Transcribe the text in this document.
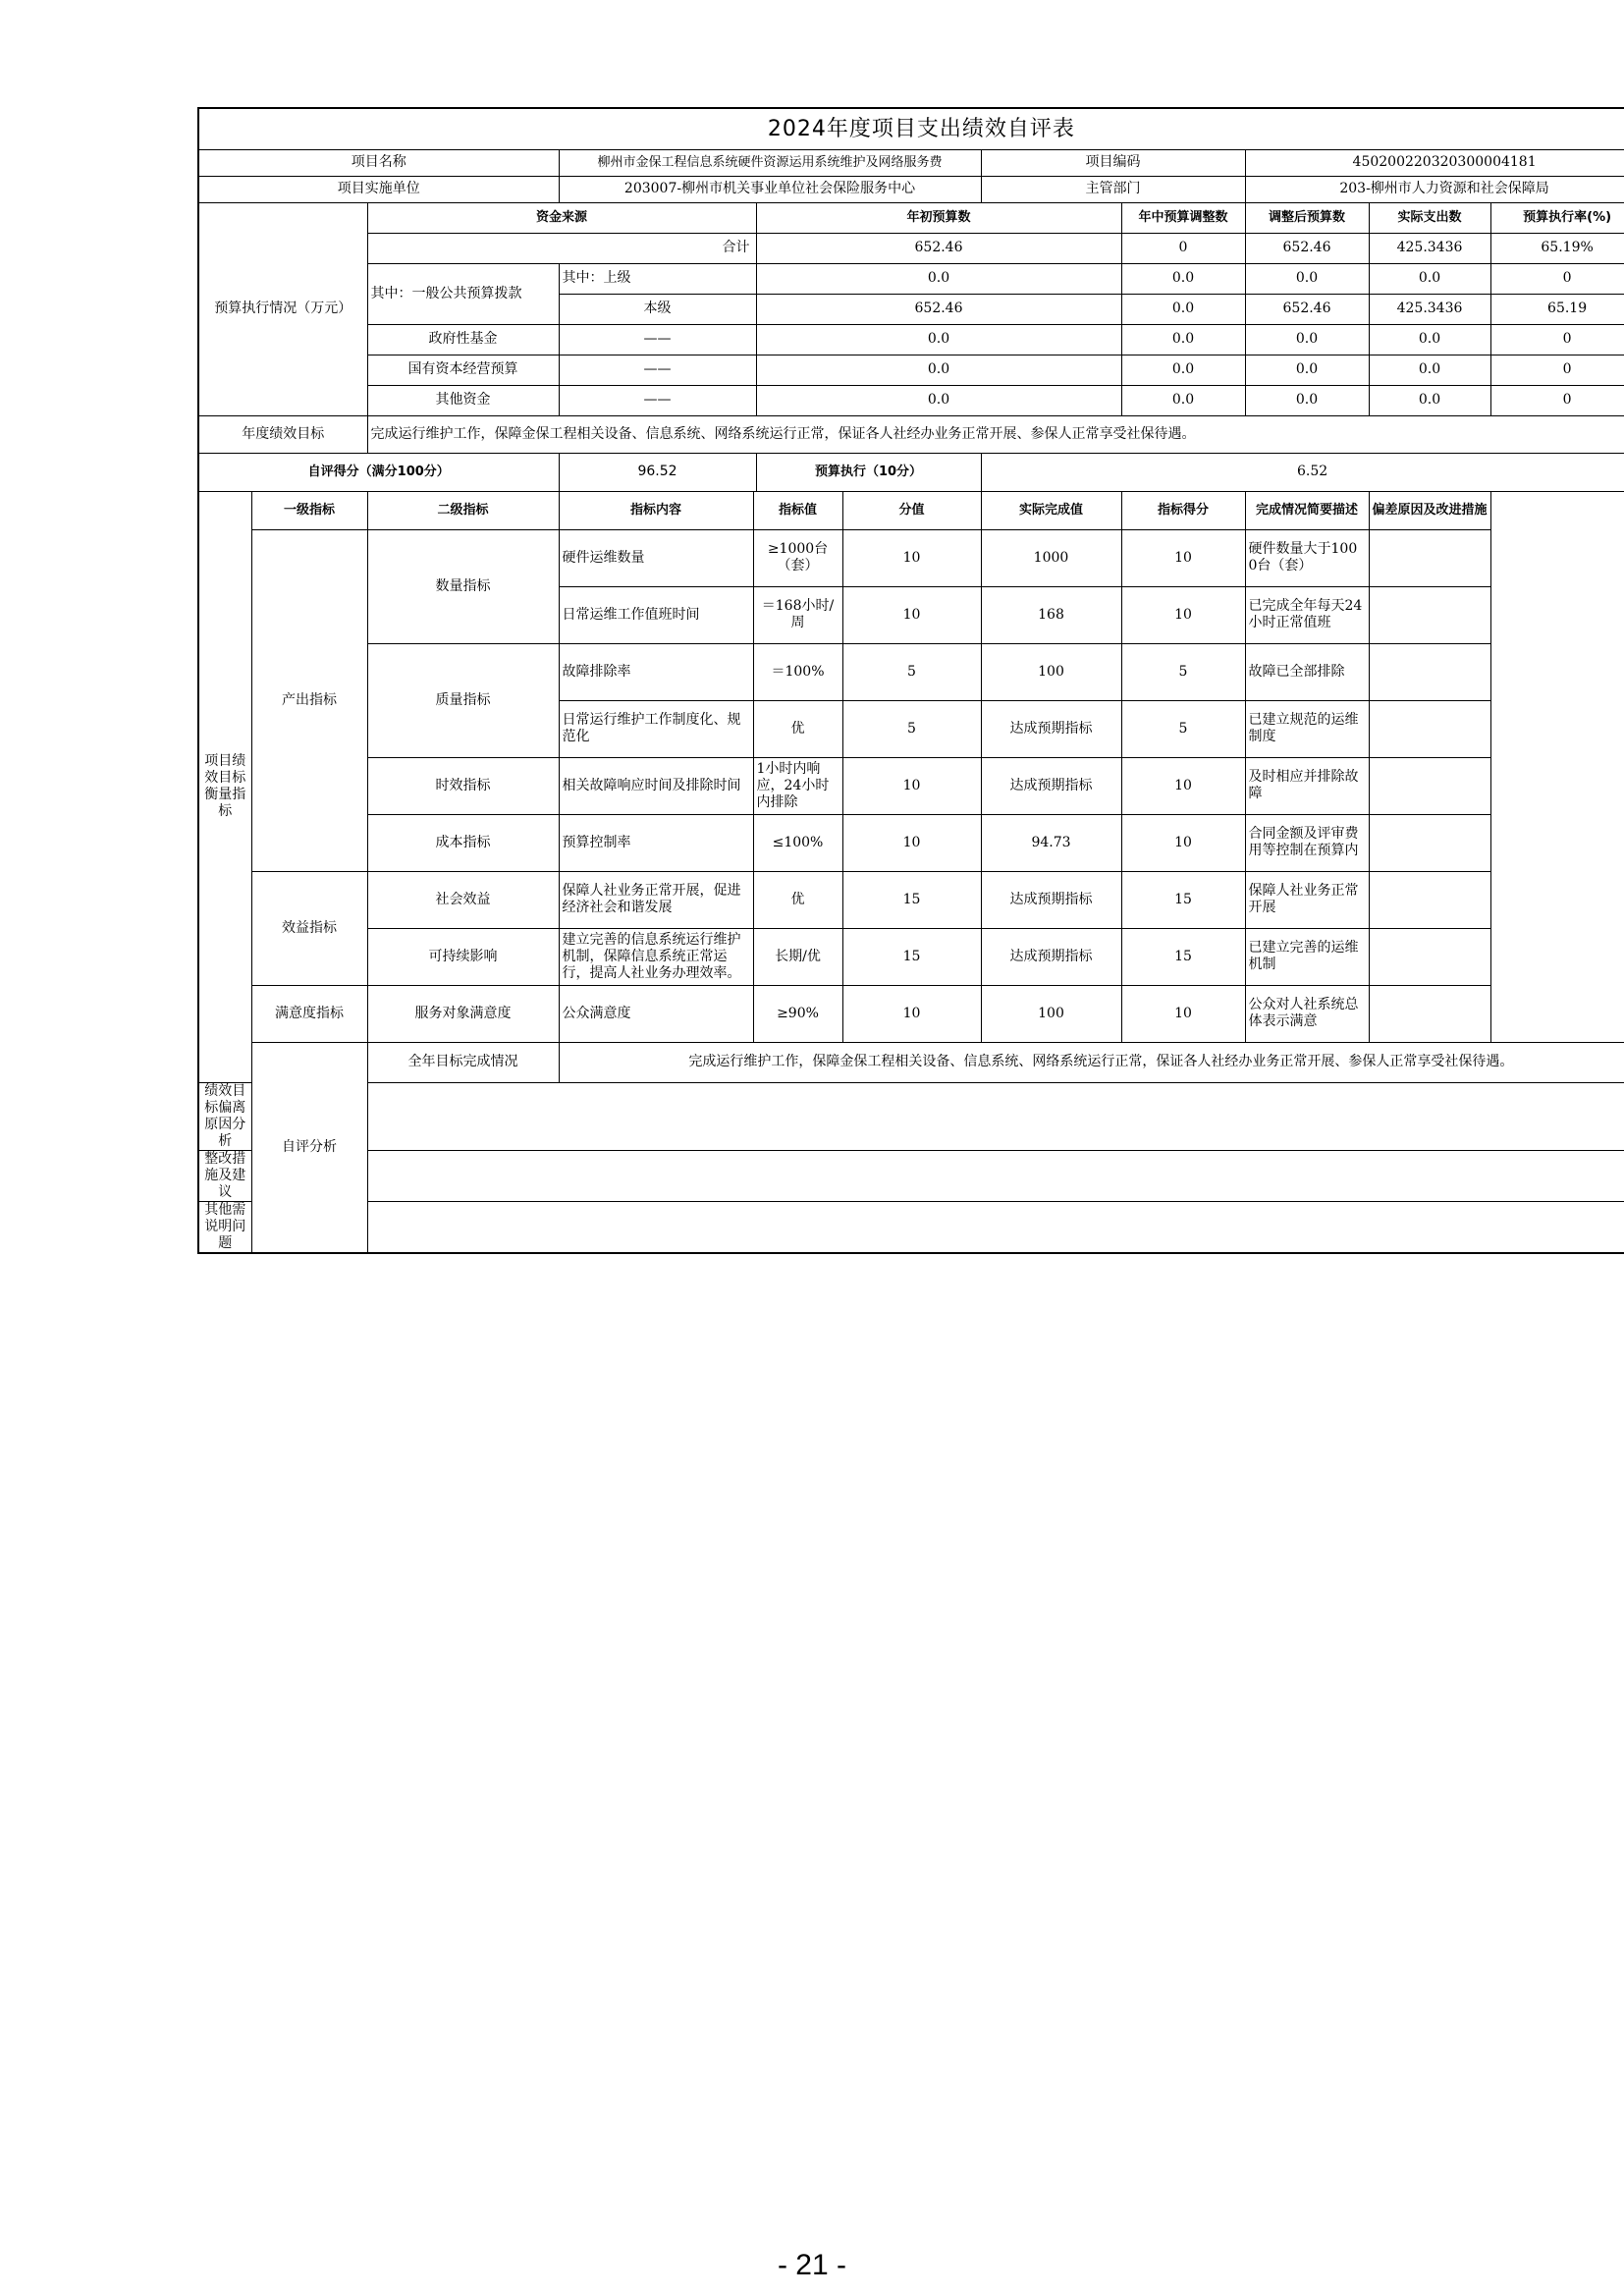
2024年度项目支出绩效自评表											
项目名称			柳州市金保工程信息系统硬件资源运用系统维护及网络服务费				项目编码		450200220320300004181		
项目实施单位			203007-柳州市机关事业单位社会保险服务中心				主管部门		203-柳州市人力资源和社会保障局		
预算执行情况（万元）		资金来源			年初预算数			年中预算调整数	调整后预算数	实际支出数	预算执行率(%)
		合计			652.46			0	652.46	425.3436	65.19%
		其中：一般公共预算拨款	其中：上级		0.0			0.0	0.0	0.0	0
			本级		652.46			0.0	652.46	425.3436	65.19
		政府性基金	——		0.0			0.0	0.0	0.0	0
		国有资本经营预算	——		0.0			0.0	0.0	0.0	0
		其他资金	——		0.0			0.0	0.0	0.0	0
年度绩效目标		完成运行维护工作，保障金保工程相关设备、信息系统、网络系统运行正常，保证各人社经办业务正常开展、参保人正常享受社保待遇。									
自评得分（满分100分）			96.52		预算执行（10分）		6.52				
项目绩效目标衡量指标	一级指标	二级指标	指标内容	指标值		分值	实际完成值	指标得分	完成情况简要描述	偏差原因及改进措施	
	产出指标	数量指标	硬件运维数量	≥1000台（套）		10	1000	10	硬件数量大于1000台（套）		
			日常运维工作值班时间	＝168小时/周		10	168	10	已完成全年每天24小时正常值班		
		质量指标	故障排除率	＝100%		5	100	5	故障已全部排除		
			日常运行维护工作制度化、规范化	优		5	达成预期指标	5	已建立规范的运维制度		
		时效指标	相关故障响应时间及排除时间	1小时内响应，24小时内排除		10	达成预期指标	10	及时相应并排除故障		
		成本指标	预算控制率	≤100%		10	94.73	10	合同金额及评审费用等控制在预算内		
	效益指标	社会效益	保障人社业务正常开展，促进经济社会和谐发展	优		15	达成预期指标	15	保障人社业务正常开展		
		可持续影响	建立完善的信息系统运行维护机制，保障信息系统正常运行，提高人社业务办理效率。	长期/优		15	达成预期指标	15	已建立完善的运维机制		
	满意度指标	服务对象满意度	公众满意度	≥90%		10	100	10	公众对人社系统总体表示满意		
	自评分析	全年目标完成情况	完成运行维护工作，保障金保工程相关设备、信息系统、网络系统运行正常，保证各人社经办业务正常开展、参保人正常享受社保待遇。								
绩效目标偏离原因分析											
整改措施及建议											
其他需说明问题											
- 21 -
